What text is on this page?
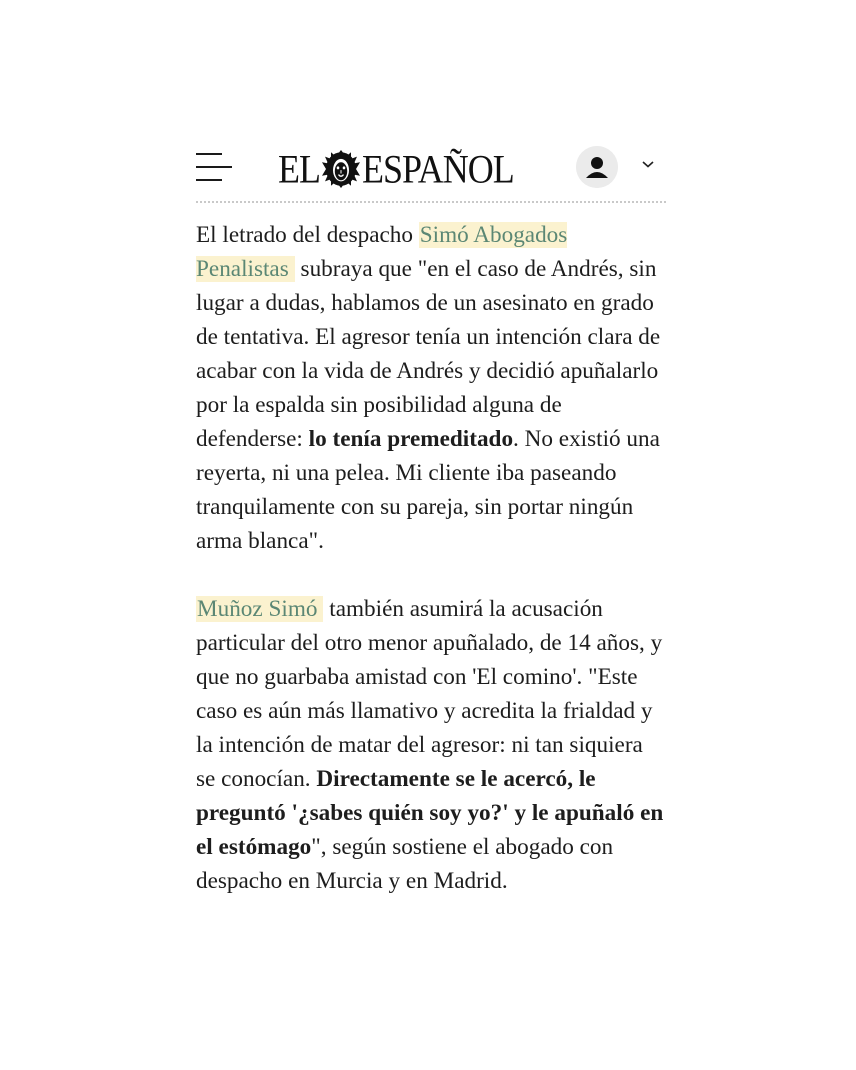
EL ESPAÑOL

El letrado del despacho Simó Abogados Penalistas subraya que "en el caso de Andrés, sin lugar a dudas, hablamos de un asesinato en grado de tentativa. El agresor tenía un intención clara de acabar con la vida de Andrés y decidió apuñalarlo por la espalda sin posibilidad alguna de defenderse: lo tenía premeditado. No existió una reyerta, ni una pelea. Mi cliente iba paseando tranquilamente con su pareja, sin portar ningún arma blanca".

Muñoz Simó también asumirá la acusación particular del otro menor apuñalado, de 14 años, y que no guarbaba amistad con 'El comino'. "Este caso es aún más llamativo y acredita la frialdad y la intención de matar del agresor: ni tan siquiera se conocían. Directamente se le acercó, le preguntó '¿sabes quién soy yo?' y le apuñaló en el estómago", según sostiene el abogado con despacho en Murcia y en Madrid.
